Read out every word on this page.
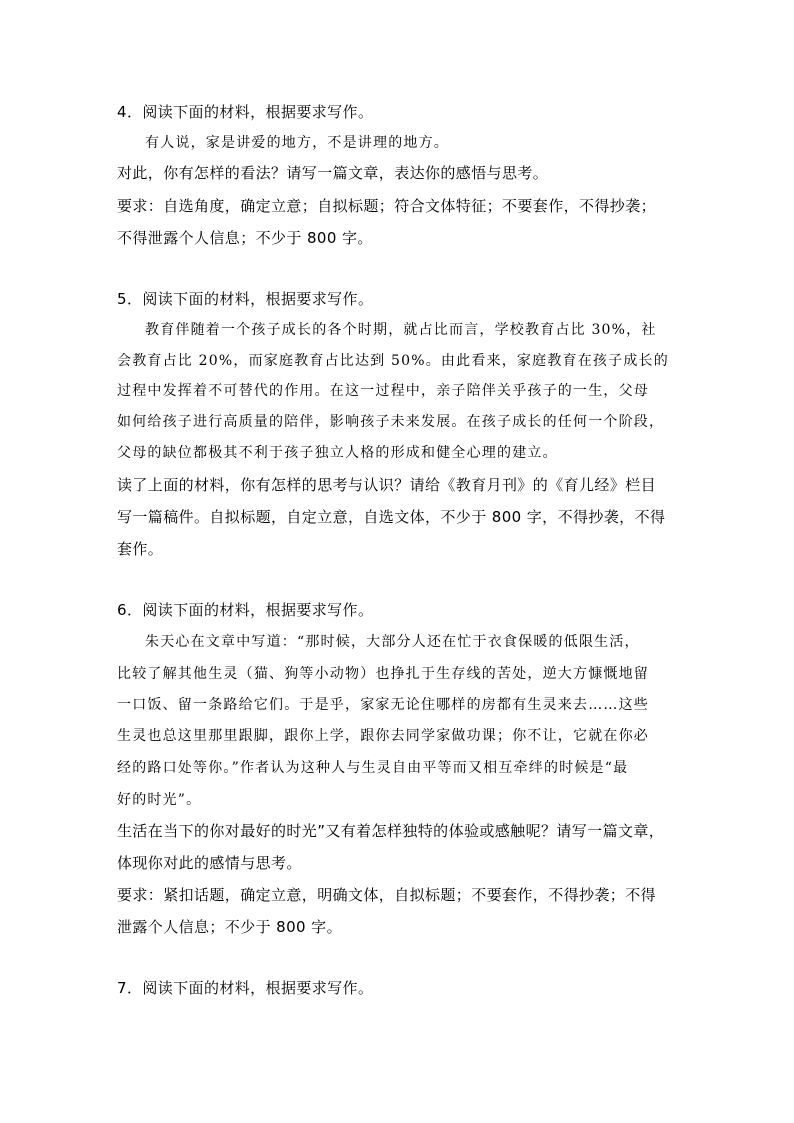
4．阅读下面的材料，根据要求写作。
有人说，家是讲爱的地方，不是讲理的地方。
对此，你有怎样的看法？请写一篇文章，表达你的感悟与思考。
要求：自选角度，确定立意；自拟标题；符合文体特征；不要套作，不得抄袭；
不得泄露个人信息；不少于 800 字。
5．阅读下面的材料，根据要求写作。
教育伴随着一个孩子成长的各个时期，就占比而言，学校教育占比 30%，社
会教育占比 20%，而家庭教育占比达到 50%。由此看来，家庭教育在孩子成长的
过程中发挥着不可替代的作用。在这一过程中，亲子陪伴关乎孩子的一生，父母
如何给孩子进行高质量的陪伴，影响孩子未来发展。在孩子成长的任何一个阶段，
父母的缺位都极其不利于孩子独立人格的形成和健全心理的建立。
读了上面的材料，你有怎样的思考与认识？请给《教育月刊》的《育儿经》栏目
写一篇稿件。自拟标题，自定立意，自选文体，不少于 800 字，不得抄袭，不得
套作。
6．阅读下面的材料，根据要求写作。
朱天心在文章中写道：“那时候，大部分人还在忙于衣食保暖的低限生活，
比较了解其他生灵（猫、狗等小动物）也挣扎于生存线的苦处，逆大方慷慨地留
一口饭、留一条路给它们。于是乎，家家无论住哪样的房都有生灵来去……这些
生灵也总这里那里跟脚，跟你上学，跟你去同学家做功课；你不让，它就在你必
经的路口处等你。”作者认为这种人与生灵自由平等而又相互牵绊的时候是“最
好的时光”。
生活在当下的你对最好的时光”又有着怎样独特的体验或感触呢？请写一篇文章，
体现你对此的感情与思考。
要求：紧扣话题，确定立意，明确文体，自拟标题；不要套作，不得抄袭；不得
泄露个人信息；不少于 800 字。
7．阅读下面的材料，根据要求写作。
